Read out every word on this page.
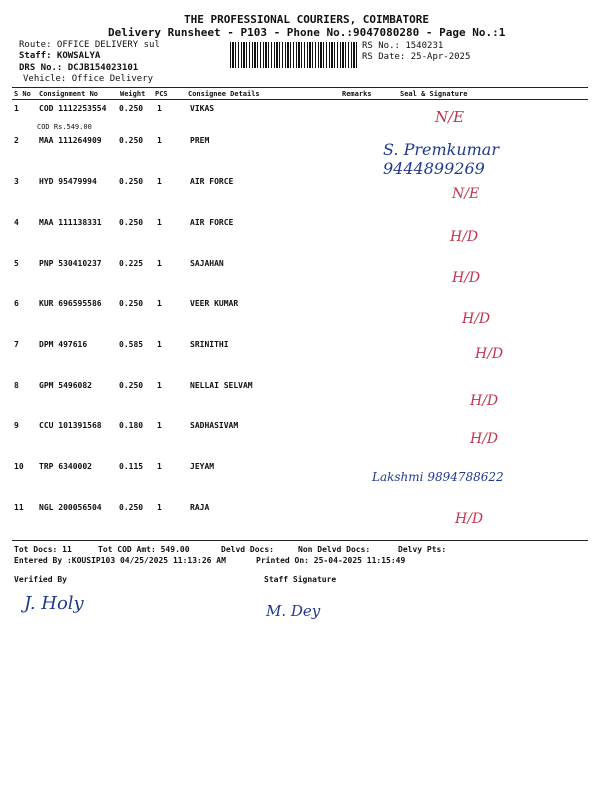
THE PROFESSIONAL COURIERS, COIMBATORE
Delivery Runsheet - P103 - Phone No.:9047080280 - Page No.:1
Route: OFFICE DELIVERY sul
Staff: KOWSALYA
DRS No.: DCJB154023101
Vehicle: Office Delivery
RS No.: 1540231
RS Date: 25-Apr-2025
S No Consignment No	Weight PCS	Consignee Details	Remarks	Seal & Signature
1	COD 1112253554 0.250 1	VIKAS
COD Rs.549.00
N/E
2	MAA 111264909 0.250 1	PREM	S. Premkumar 9444899269
3	HYD 95479994	0.250 1	AIR FORCE
N/E
4	MAA 111138331 0.250 1	AIR FORCE
H/D
5	PNP 530410237 0.225 1	SAJAHAN
H/D
6	KUR 696595586 0.250 1	VEER KUMAR
H/D
7	DPM 497616	0.585 1	SRINITHI
H/D
8	GPM 5496082	0.250 1	NELLAI SELVAM
H/D
9	CCU 101391568 0.180 1	SADHASIVAM
H/D
10 TRP 6340002	0.115 1	JEYAM
Lakshmi 9894788622
11 NGL 200056504 0.250 1	RAJA
H/D
Tot Docs: 11	Tot COD Amt: 549.00	Delvd Docs:	Non Delvd Docs:	Delvy Pts:
Entered By :KOUSIP103 04/25/2025 11:13:26 AM	Printed On: 25-04-2025 11:15:49
Verified By	Staff Signature
J. Holy	M. Dey
